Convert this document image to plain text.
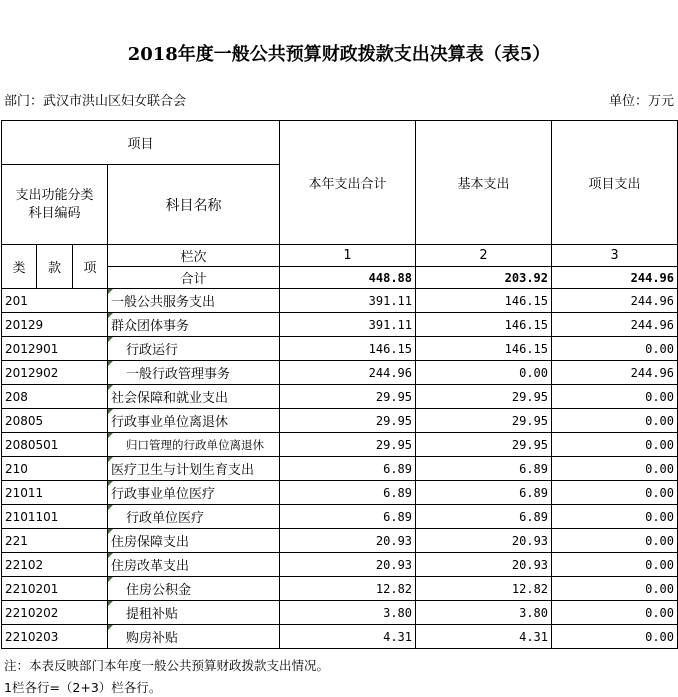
2018年度一般公共预算财政拨款支出决算表（表5）
部门：武汉市洪山区妇女联合会	单位：万元
项目				本年支出合计	基本支出	项目支出
支出功能分类
科目编码			科目名称			
类	款	项	栏次	1	2	3
			合计	448.88	203.92	244.96
201			一般公共服务支出	391.11	146.15	244.96
20129			群众团体事务	391.11	146.15	244.96
2012901			行政运行	146.15	146.15	0.00
2012902			一般行政管理事务	244.96	0.00	244.96
208			社会保障和就业支出	29.95	29.95	0.00
20805			行政事业单位离退休	29.95	29.95	0.00
2080501			归口管理的行政单位离退休	29.95	29.95	0.00
210			医疗卫生与计划生育支出	6.89	6.89	0.00
21011			行政事业单位医疗	6.89	6.89	0.00
2101101			行政单位医疗	6.89	6.89	0.00
221			住房保障支出	20.93	20.93	0.00
22102			住房改革支出	20.93	20.93	0.00
2210201			住房公积金	12.82	12.82	0.00
2210202			提租补贴	3.80	3.80	0.00
2210203			购房补贴	4.31	4.31	0.00
注：本表反映部门本年度一般公共预算财政拨款支出情况。
1栏各行=（2+3）栏各行。
